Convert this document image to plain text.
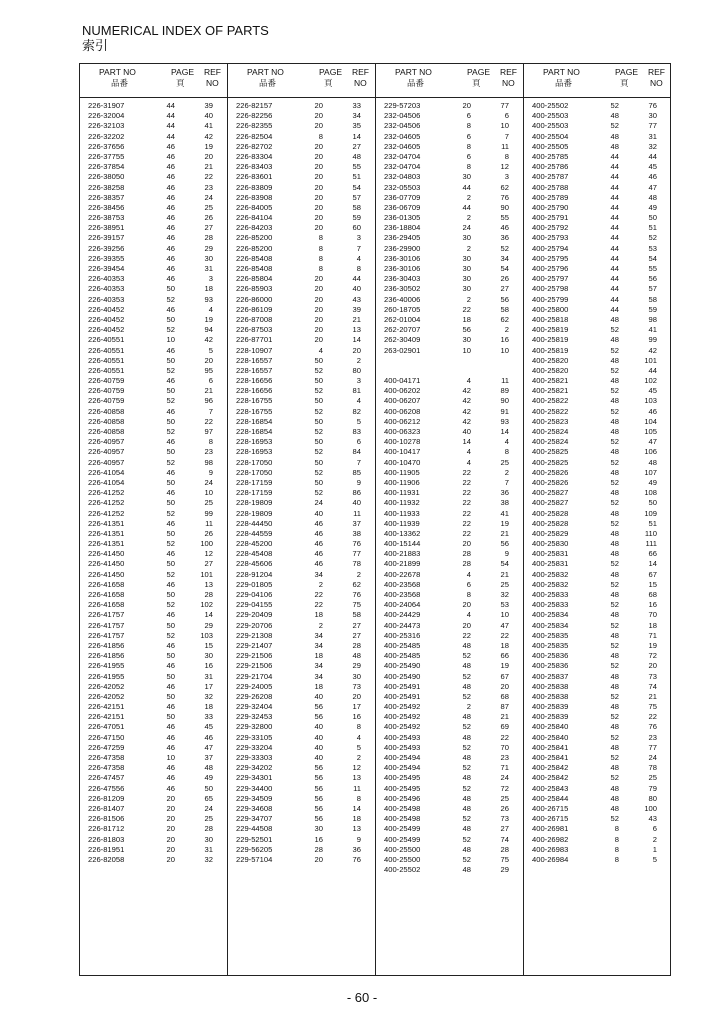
NUMERICAL INDEX OF PARTS
索引
PART NO	PAGE REF
品番	頁	NO
226-31907	44	39
226-32004	44	40
226-32103	44	41
226-32202	44	42
226-37656	46	19
226-37755	46	20
226-37854	46	21
226-38050	46	22
226-38258	46	23
226-38357	46	24
226-38456	46	25
226-38753	46	26
226-38951	46	27
226-39157	46	28
226-39256	46	29
226-39355	46	30
226-39454	46	31
226-40353	46	3
226-40353	50	18
226-40353	52	93
226-40452	46	4
226-40452	50	19
226-40452	52	94
226-40551	10	42
226-40551	46	5
226-40551	50	20
226-40551	52	95
226-40759	46	6
226-40759	50	21
226-40759	52	96
226-40858	46	7
226-40858	50	22
226-40858	52	97
226-40957	46	8
226-40957	50	23
226-40957	52	98
226-41054	46	9
226-41054	50	24
226-41252	46	10
226-41252	50	25
226-41252	52	99
226-41351	46	11
226-41351	50	26
226-41351	52	100
226-41450	46	12
226-41450	50	27
226-41450	52	101
226-41658	46	13
226-41658	50	28
226-41658	52	102
226-41757	46	14
226-41757	50	29
226-41757	52	103
226-41856	46	15
226-41856	50	30
226-41955	46	16
226-41955	50	31
226-42052	46	17
226-42052	50	32
226-42151	46	18
226-42151	50	33
226-47051	46	45
226-47150	46	46
226-47259	46	47
226-47358	10	37
226-47358	46	48
226-47457	46	49
226-47556	46	50
226-81209	20	65
226-81407	20	24
226-81506	20	25
226-81712	20	28
226-81803	20	30
226-81951	20	31
226-82058	20	32
PART NO	PAGE REF
品番	頁	NO
226-82157	20	33
226-82256	20	34
226-82355	20	35
226-82504	8	14
226-82702	20	27
226-83304	20	48
226-83403	20	55
226-83601	20	51
226-83809	20	54
226-83908	20	57
226-84005	20	58
226-84104	20	59
226-84203	20	60
226-85200	8	3
226-85200	8	7
226-85408	8	4
226-85408	8	8
226-85804	20	44
226-85903	20	40
226-86000	20	43
226-86109	20	39
226-87008	20	21
226-87503	20	13
226-87701	20	14
228-10907	4	20
228-16557	50	2
228-16557	52	80
228-16656	50	3
228-16656	52	81
228-16755	50	4
228-16755	52	82
228-16854	50	5
228-16854	52	83
228-16953	50	6
228-16953	52	84
228-17050	50	7
228-17050	52	85
228-17159	50	9
228-17159	52	86
228-19809	24	40
228-19809	40	11
228-44450	46	37
228-44559	46	38
228-45200	46	76
228-45408	46	77
228-45606	46	78
228-91204	34	2
229-01805	2	62
229-04106	22	76
229-04155	22	75
229-20409	18	58
229-20706	2	27
229-21308	34	27
229-21407	34	28
229-21506	18	48
229-21506	34	29
229-21704	34	30
229-24005	18	73
229-26208	40	20
229-32404	56	17
229-32453	56	16
229-32800	40	8
229-33105	40	4
229-33204	40	5
229-33303	40	2
229-34202	56	12
229-34301	56	13
229-34400	56	11
229-34509	56	8
229-34608	56	14
229-34707	56	18
229-44508	30	13
229-52501	16	9
229-56205	28	36
229-57104	20	76
PART NO	PAGE REF
品番	頁	NO
229-57203	20	77
232-04506	6	6
232-04506	8	10
232-04605	6	7
232-04605	8	11
232-04704	6	8
232-04704	8	12
232-04803	30	3
232-05503	44	62
236-07709	2	76
236-06709	44	90
236-01305	2	55
236-18804	24	46
236-29405	30	36
236-29900	2	52
236-30106	30	34
236-30106	30	54
236-30403	30	26
236-30502	30	27
236-40006	2	56
260-18705	22	58
262-01004	18	62
262-20707	56	2
262-30409	30	16
263-02901	10	10
400-04171	4	11
400-06202	42	89
400-06207	42	90
400-06208	42	91
400-06212	42	93
400-06323	40	14
400-10278	14	4
400-10417	4	8
400-10470	4	25
400-11905	22	2
400-11906	22	7
400-11931	22	36
400-11932	22	38
400-11933	22	41
400-11939	22	19
400-13362	22	21
400-15144	20	56
400-21883	28	9
400-21899	28	54
400-22678	4	21
400-23568	6	25
400-23568	8	32
400-24064	20	53
400-24429	4	10
400-24473	20	47
400-25316	22	22
400-25485	48	18
400-25485	52	66
400-25490	48	19
400-25490	52	67
400-25491	48	20
400-25491	52	68
400-25492	2	87
400-25492	48	21
400-25492	52	69
400-25493	48	22
400-25493	52	70
400-25494	48	23
400-25494	52	71
400-25495	48	24
400-25495	52	72
400-25496	48	25
400-25498	48	26
400-25498	52	73
400-25499	48	27
400-25499	52	74
400-25500	48	28
400-25500	52	75
400-25502	48	29
PART NO	PAGE REF
品番	頁	NO
400-25502	52	76
400-25503	48	30
400-25503	52	77
400-25504	48	31
400-25505	48	32
400-25785	44	44
400-25786	44	45
400-25787	44	46
400-25788	44	47
400-25789	44	48
400-25790	44	49
400-25791	44	50
400-25792	44	51
400-25793	44	52
400-25794	44	53
400-25795	44	54
400-25796	44	55
400-25797	44	56
400-25798	44	57
400-25799	44	58
400-25800	44	59
400-25818	48	98
400-25819	52	41
400-25819	48	99
400-25819	52	42
400-25820	48	101
400-25820	52	44
400-25821	48	102
400-25821	52	45
400-25822	48	103
400-25822	52	46
400-25823	48	104
400-25824	48	105
400-25824	52	47
400-25825	48	106
400-25825	52	48
400-25826	48	107
400-25826	52	49
400-25827	48	108
400-25827	52	50
400-25828	48	109
400-25828	52	51
400-25829	48	110
400-25830	48	111
400-25831	48	66
400-25831	52	14
400-25832	48	67
400-25832	52	15
400-25833	48	68
400-25833	52	16
400-25834	48	70
400-25834	52	18
400-25835	48	71
400-25835	52	19
400-25836	48	72
400-25836	52	20
400-25837	48	73
400-25838	48	74
400-25838	52	21
400-25839	48	75
400-25839	52	22
400-25840	48	76
400-25840	52	23
400-25841	48	77
400-25841	52	24
400-25842	48	78
400-25842	52	25
400-25843	48	79
400-25844	48	80
400-26715	48	100
400-26715	52	43
400-26981	8	6
400-26982	8	2
400-26983	8	1
400-26984	8	5
- 60 -
